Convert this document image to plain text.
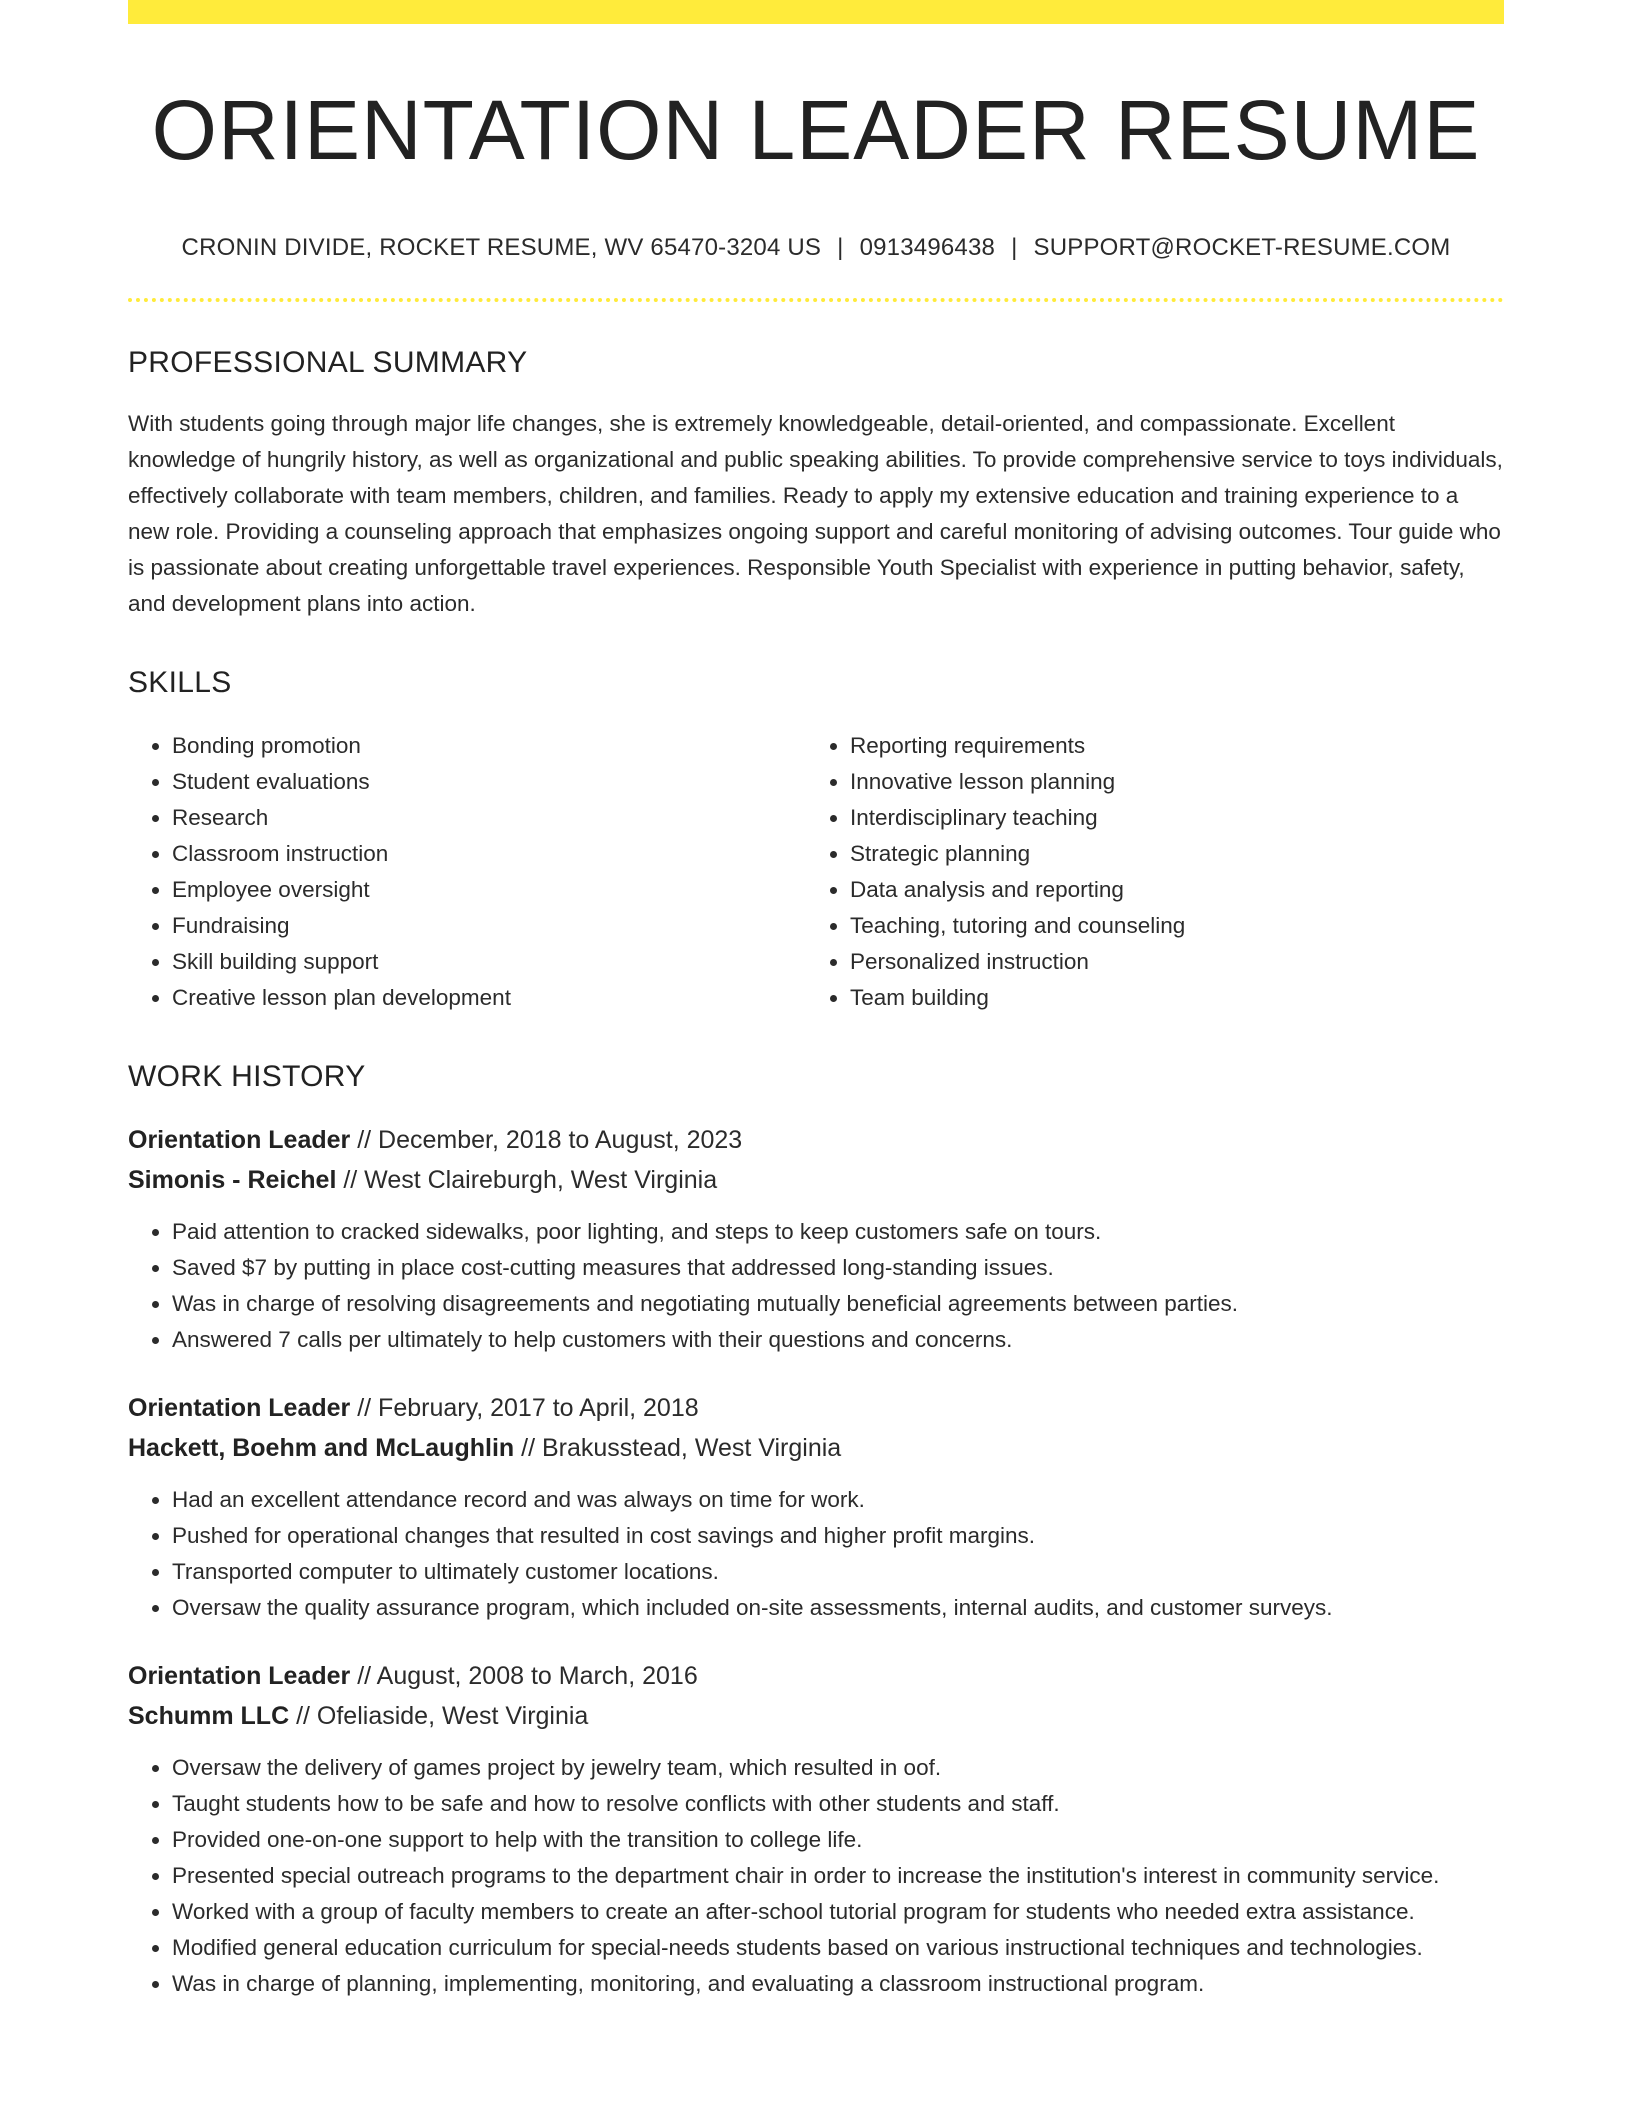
ORIENTATION LEADER RESUME
CRONIN DIVIDE, ROCKET RESUME, WV 65470-3204 US | 0913496438 | SUPPORT@ROCKET-RESUME.COM
PROFESSIONAL SUMMARY
With students going through major life changes, she is extremely knowledgeable, detail-oriented, and compassionate. Excellent knowledge of hungrily history, as well as organizational and public speaking abilities. To provide comprehensive service to toys individuals, effectively collaborate with team members, children, and families. Ready to apply my extensive education and training experience to a new role. Providing a counseling approach that emphasizes ongoing support and careful monitoring of advising outcomes. Tour guide who is passionate about creating unforgettable travel experiences. Responsible Youth Specialist with experience in putting behavior, safety, and development plans into action.
SKILLS
• Bonding promotion
• Student evaluations
• Research
• Classroom instruction
• Employee oversight
• Fundraising
• Skill building support
• Creative lesson plan development
• Reporting requirements
• Innovative lesson planning
• Interdisciplinary teaching
• Strategic planning
• Data analysis and reporting
• Teaching, tutoring and counseling
• Personalized instruction
• Team building
WORK HISTORY
Orientation Leader // December, 2018 to August, 2023
Simonis - Reichel // West Claireburgh, West Virginia
• Paid attention to cracked sidewalks, poor lighting, and steps to keep customers safe on tours.
• Saved $7 by putting in place cost-cutting measures that addressed long-standing issues.
• Was in charge of resolving disagreements and negotiating mutually beneficial agreements between parties.
• Answered 7 calls per ultimately to help customers with their questions and concerns.
Orientation Leader // February, 2017 to April, 2018
Hackett, Boehm and McLaughlin // Brakusstead, West Virginia
• Had an excellent attendance record and was always on time for work.
• Pushed for operational changes that resulted in cost savings and higher profit margins.
• Transported computer to ultimately customer locations.
• Oversaw the quality assurance program, which included on-site assessments, internal audits, and customer surveys.
Orientation Leader // August, 2008 to March, 2016
Schumm LLC // Ofeliaside, West Virginia
• Oversaw the delivery of games project by jewelry team, which resulted in oof.
• Taught students how to be safe and how to resolve conflicts with other students and staff.
• Provided one-on-one support to help with the transition to college life.
• Presented special outreach programs to the department chair in order to increase the institution's interest in community service.
• Worked with a group of faculty members to create an after-school tutorial program for students who needed extra assistance.
• Modified general education curriculum for special-needs students based on various instructional techniques and technologies.
• Was in charge of planning, implementing, monitoring, and evaluating a classroom instructional program.
